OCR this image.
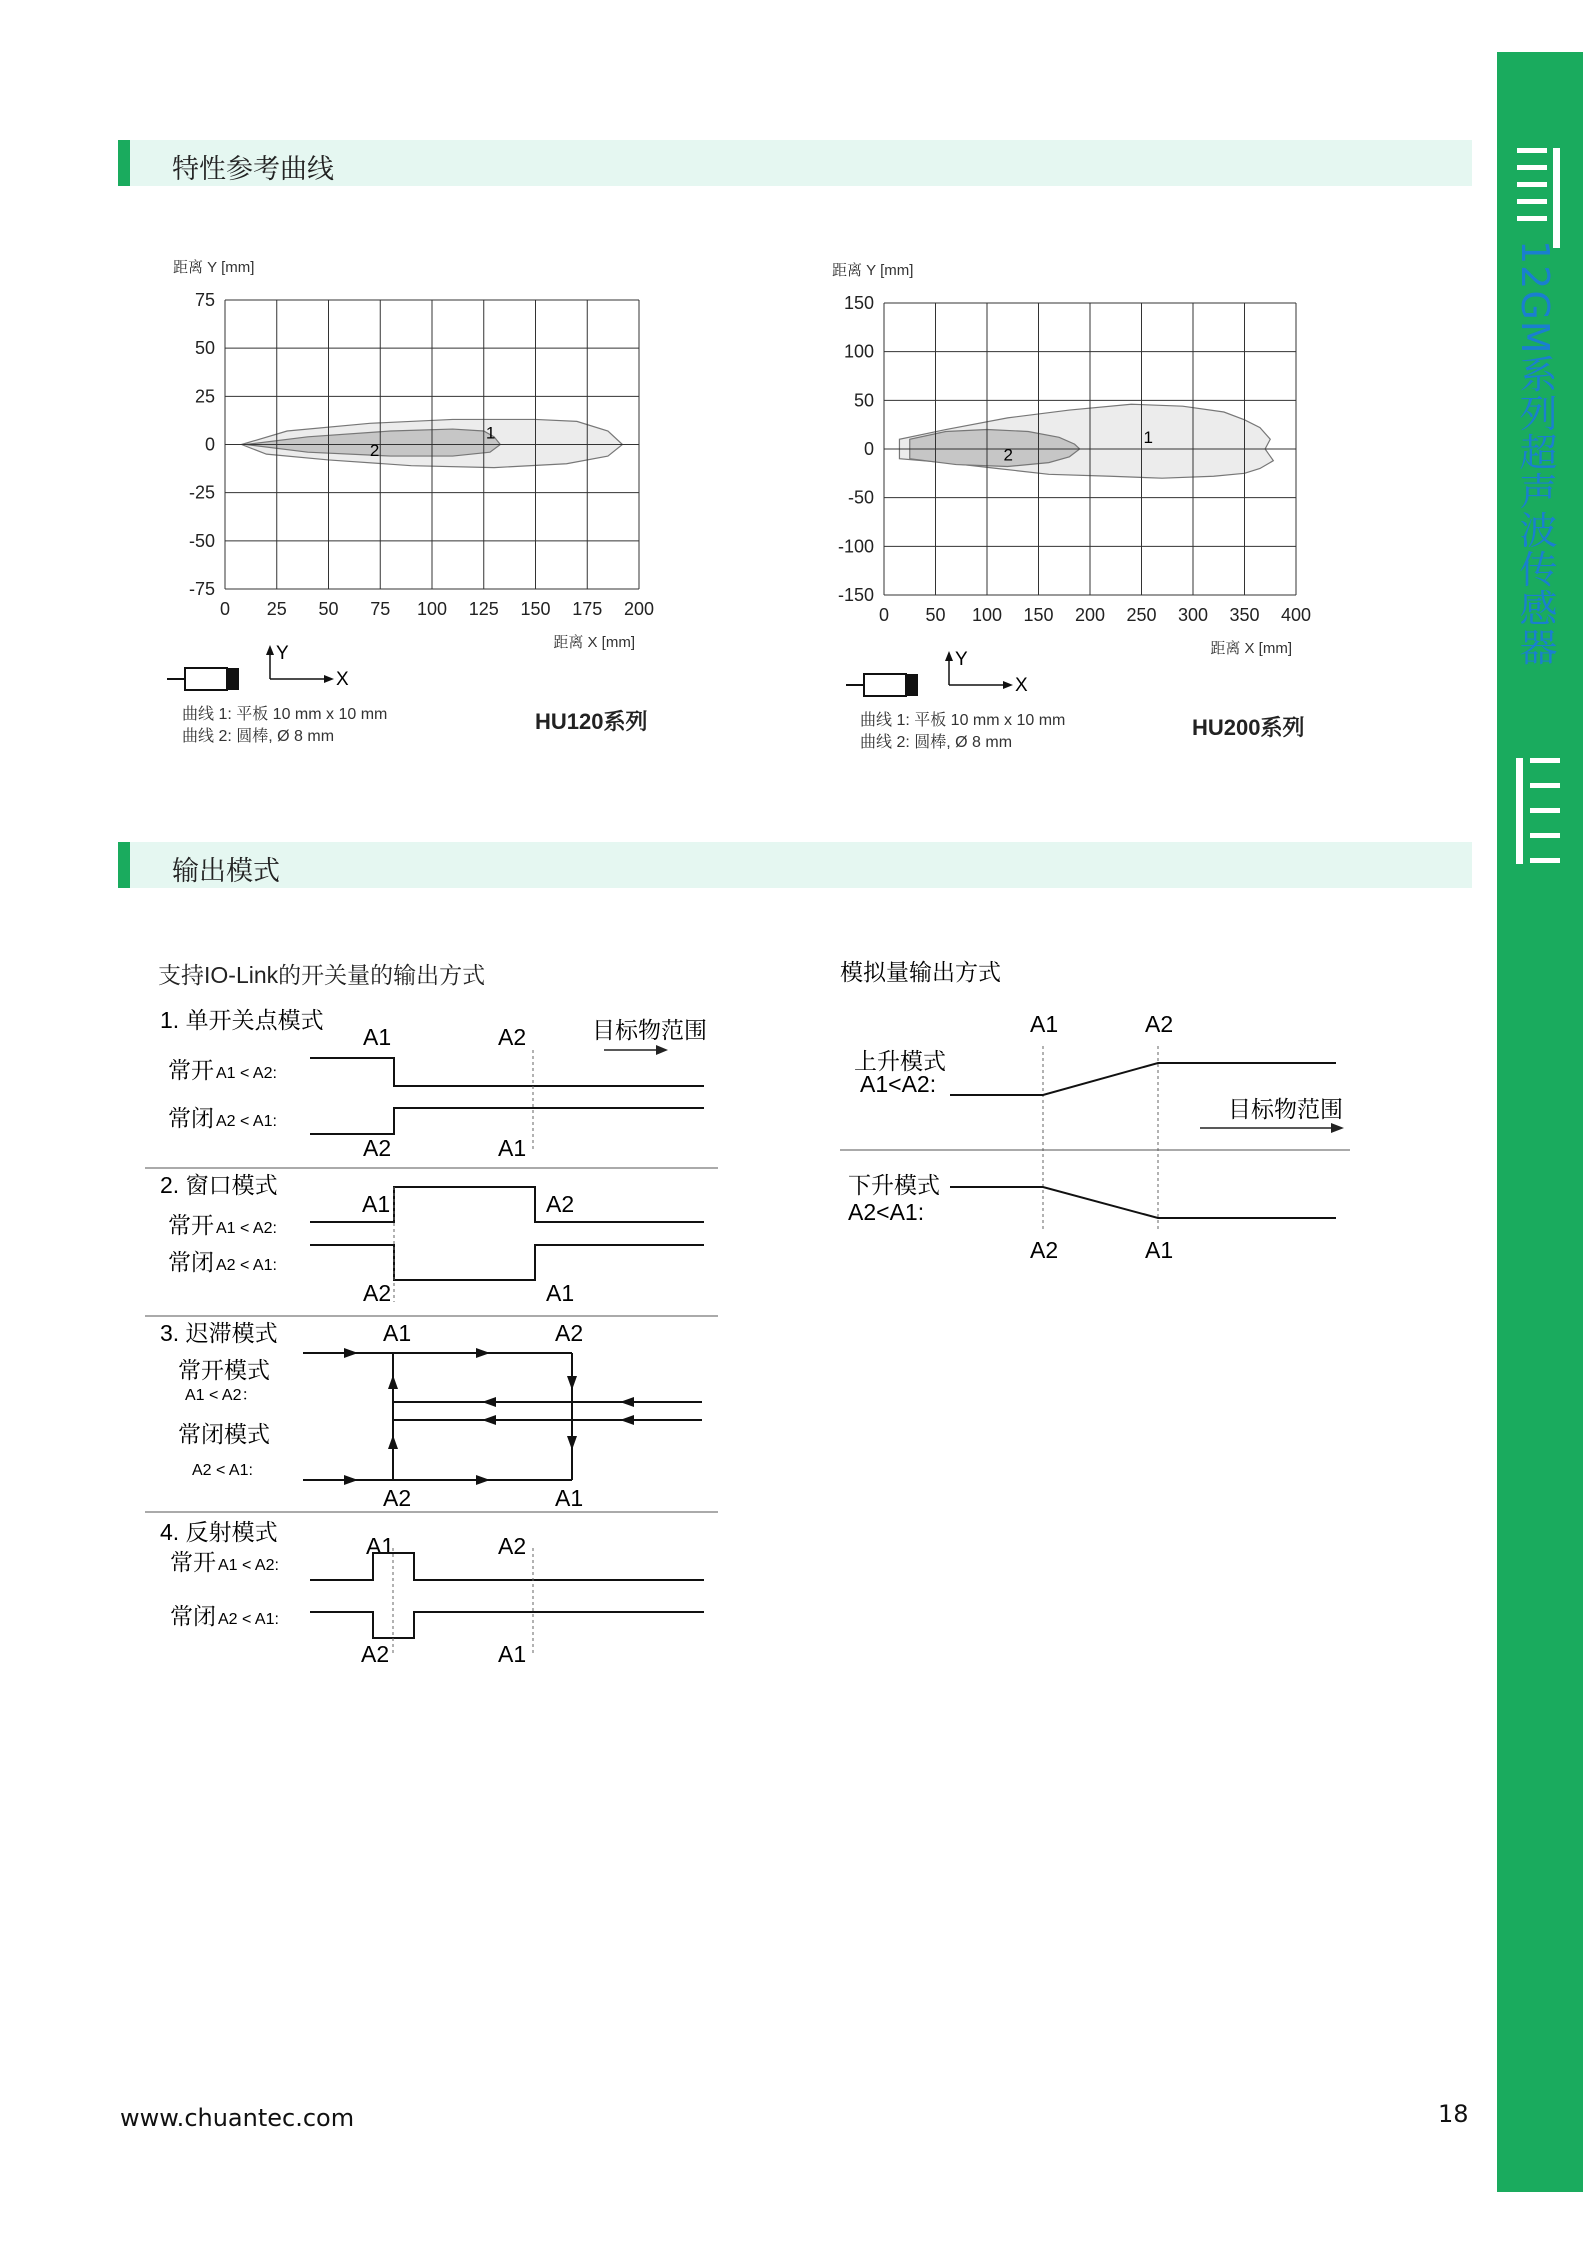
12GM系列超声波传感器
特性参考曲线
距离 Y [mm]
0 25 50 75 100 125 150 175 200
75
50
25
0
-25
-50
-75
1
2
距离 X [mm]
X
Y
曲线 1: 平板 10 mm x 10 mm
曲线 2: 圆棒, Ø 8 mm
HU120系列
距离 Y [mm]
0 50 100 150 200 250 300 350 400
150
100
50
0
-50
-100
-150
1
2
距离 X [mm]
X
Y
曲线 1: 平板 10 mm x 10 mm
曲线 2: 圆棒, Ø 8 mm
HU200系列
输出模式
支持IO-Link的开关量的输出方式
1. 单开关点模式
A1	A2	目标物范围
常开 A1 < A2:
常闭 A2 < A1:
A2	A1
2. 窗口模式
A1	A2
常开 A1 < A2:
常闭 A2 < A1:
A2	A1
3. 迟滞模式	A1	A2
常开模式
A1 < A2：
常闭模式
A2 < A1:
A2	A1
4. 反射模式
A1	A2
常开 A1 < A2:
常闭 A2 < A1:
A2	A1
模拟量输出方式
A1	A2
上升模式
A1<A2:
目标物范围
下升模式
A2<A1:
A2	A1
www.chuantec.com	18
